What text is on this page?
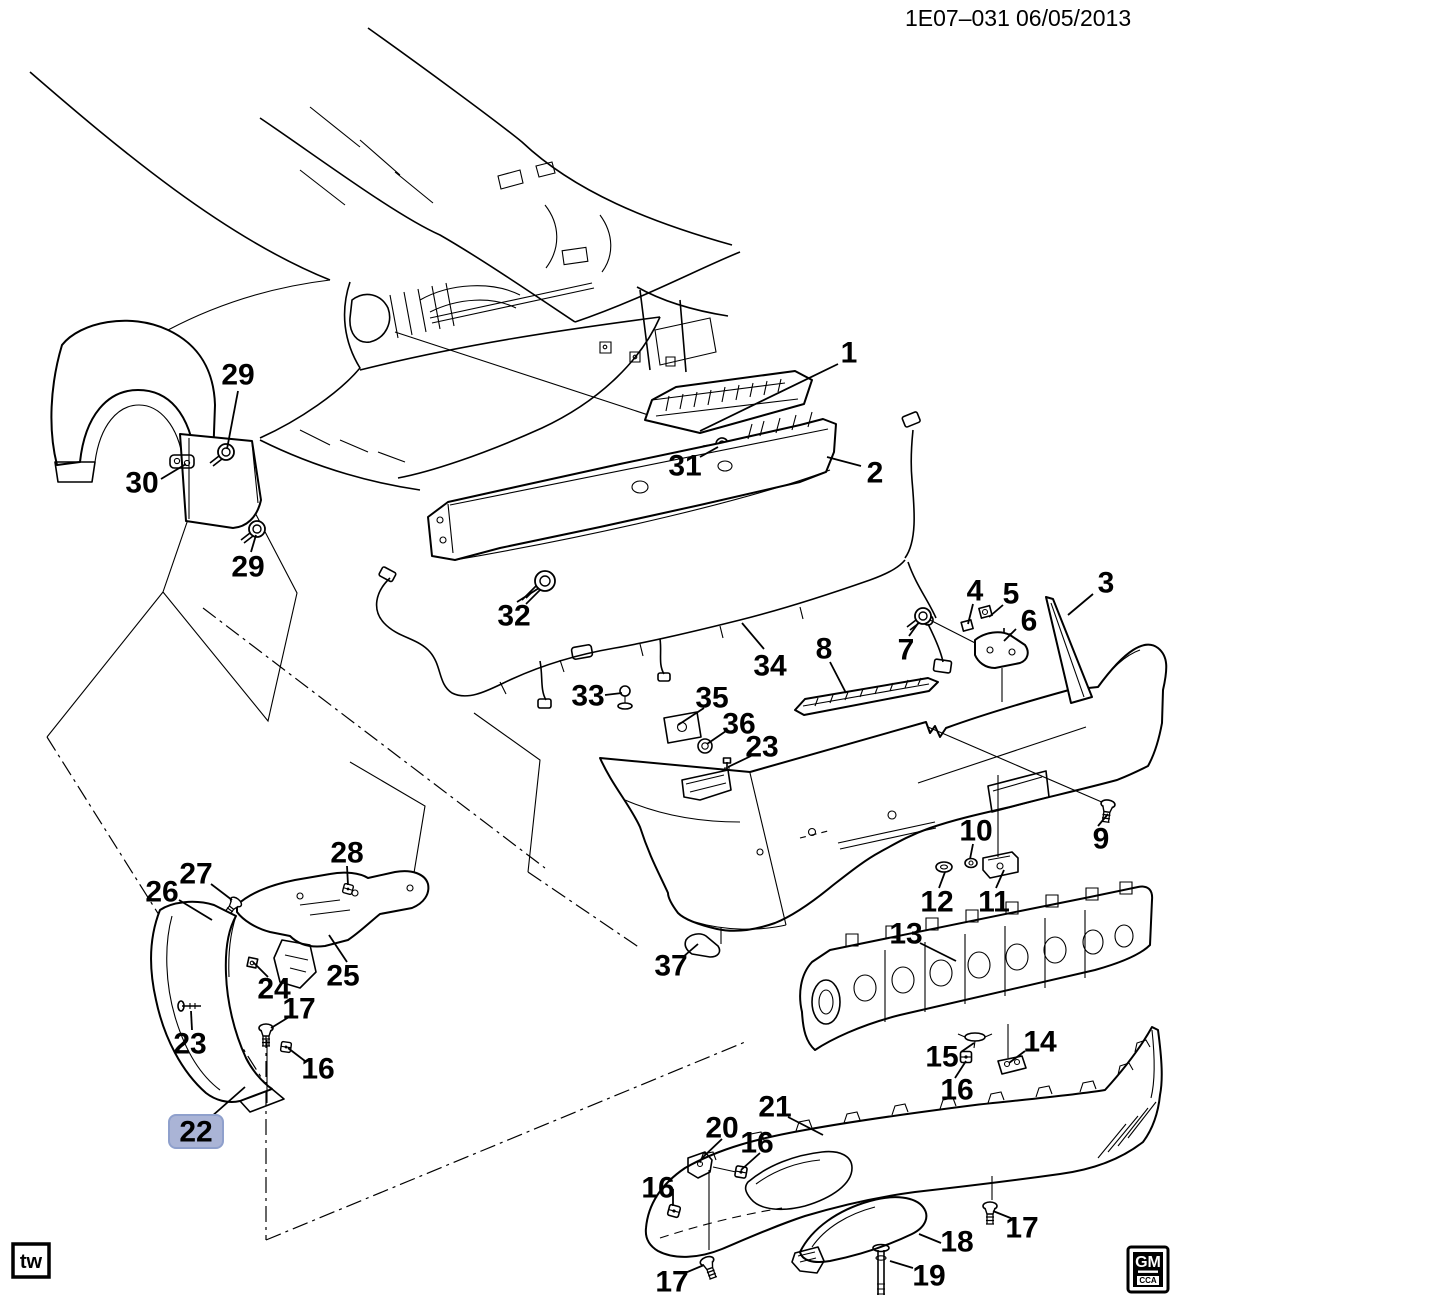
1
31	2
29
30
29
32
33
34
35
36
23
8 7
4 5
6
3
9
10
12 11
13
37
28
27
26
25
24
23
17
16
22
14
15
16
21
20 16
16
17
18
19
17
1E07–031 06/05/2013
tw	GM
CCA
